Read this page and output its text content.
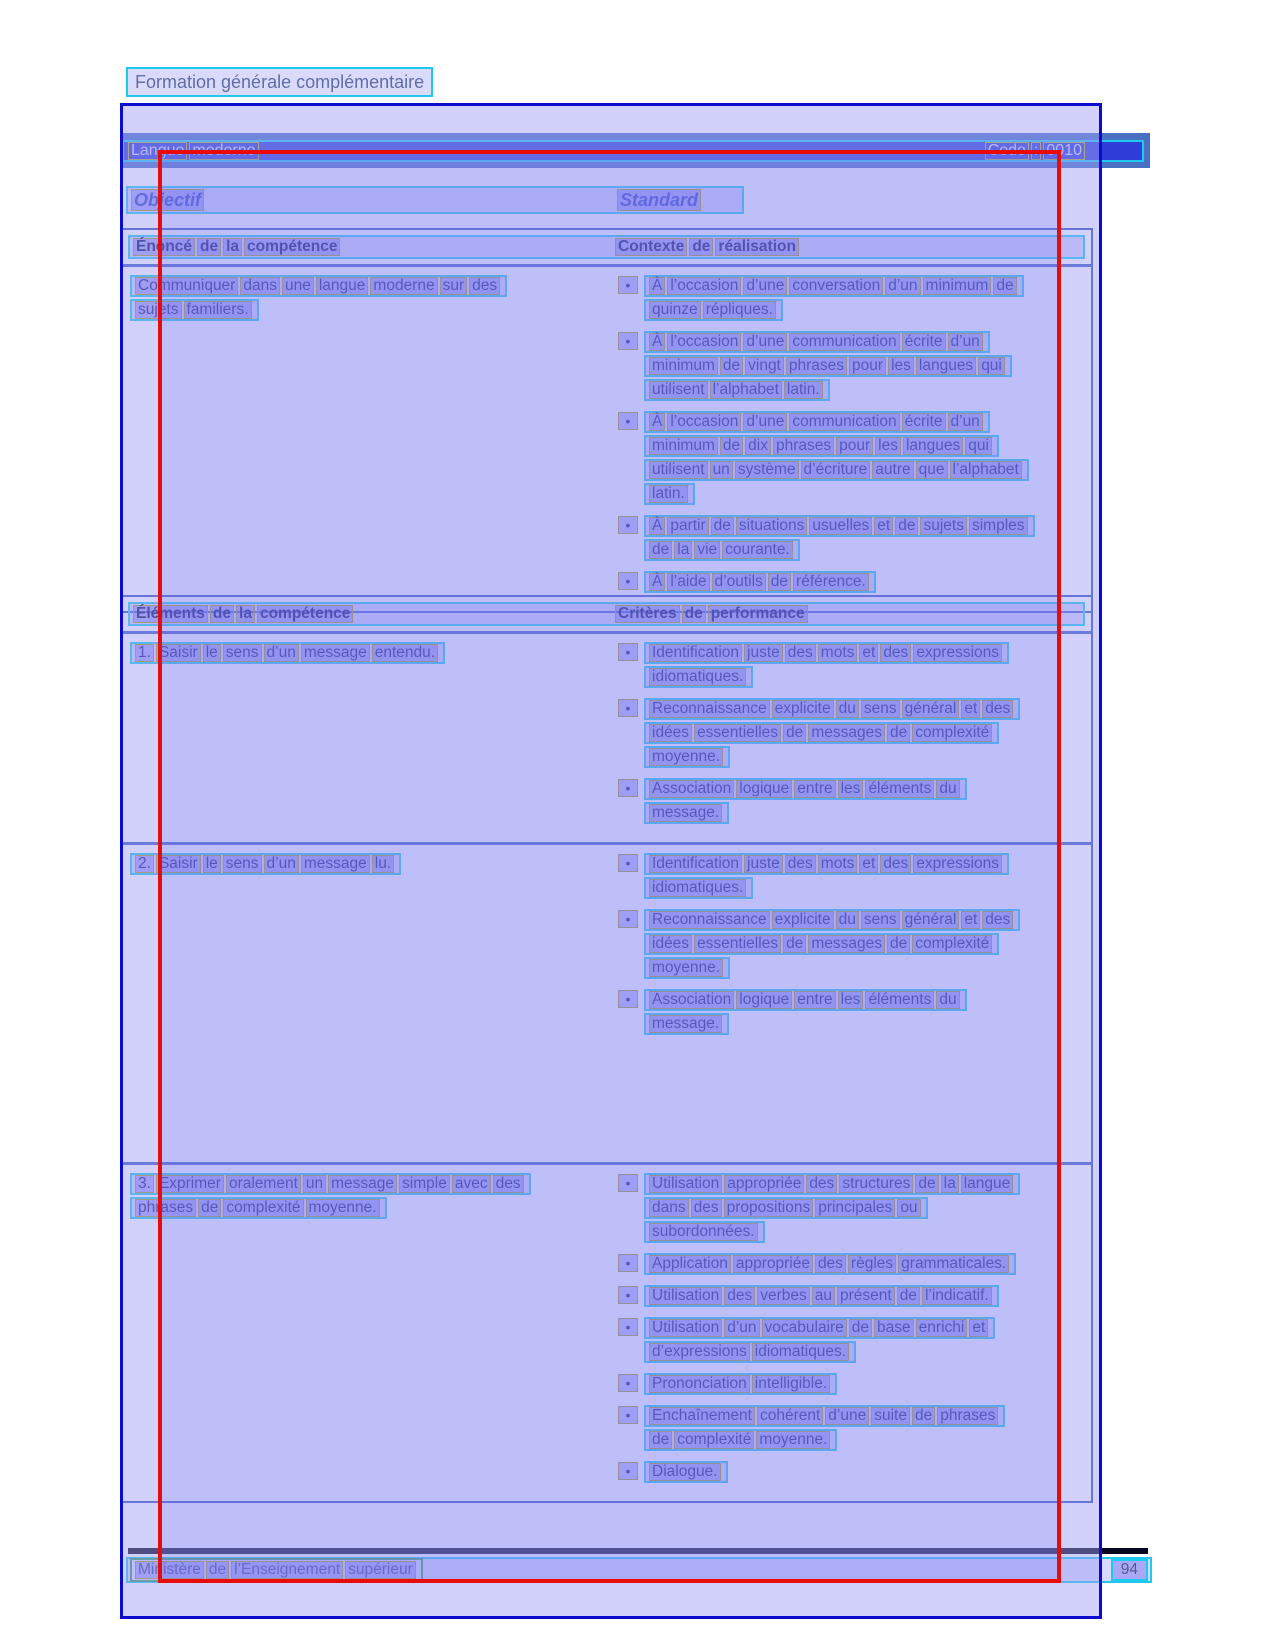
Formation générale complémentaire
Langue moderne	Code : 0010
Objectif	Standard
Énoncé de la compétence	Contexte de réalisation
Communiquer dans une langue moderne sur des
sujets familiers.
•	À l’occasion d’une conversation d’un minimum de
quinze répliques.
•	À l’occasion d’une communication écrite d’un
minimum de vingt phrases pour les langues qui
utilisent l’alphabet latin.
•	À l’occasion d’une communication écrite d’un
minimum de dix phrases pour les langues qui
utilisent un système d’écriture autre que l’alphabet
latin.
•	À partir de situations usuelles et de sujets simples
de la vie courante.
•	À l’aide d’outils de référence.
Éléments de la compétence	Critères de performance
1. Saisir le sens d’un message entendu.	•	Identification juste des mots et des expressions
idiomatiques.
•	Reconnaissance explicite du sens général et des
idées essentielles de messages de complexité
moyenne.
•	Association logique entre les éléments du
message.
2. Saisir le sens d’un message lu.	•	Identification juste des mots et des expressions
idiomatiques.
•	Reconnaissance explicite du sens général et des
idées essentielles de messages de complexité
moyenne.
•	Association logique entre les éléments du
message.
3. Exprimer oralement un message simple avec des
phrases de complexité moyenne.
•	Utilisation appropriée des structures de la langue
dans des propositions principales ou
subordonnées.
•	Application appropriée des règles grammaticales.
•	Utilisation des verbes au présent de l’indicatif.
•	Utilisation d’un vocabulaire de base enrichi et
d’expressions idiomatiques.
•	Prononciation intelligible.
•	Enchaînement cohérent d’une suite de phrases
de complexité moyenne.
•	Dialogue.
Ministère de l’Enseignement supérieur	94
